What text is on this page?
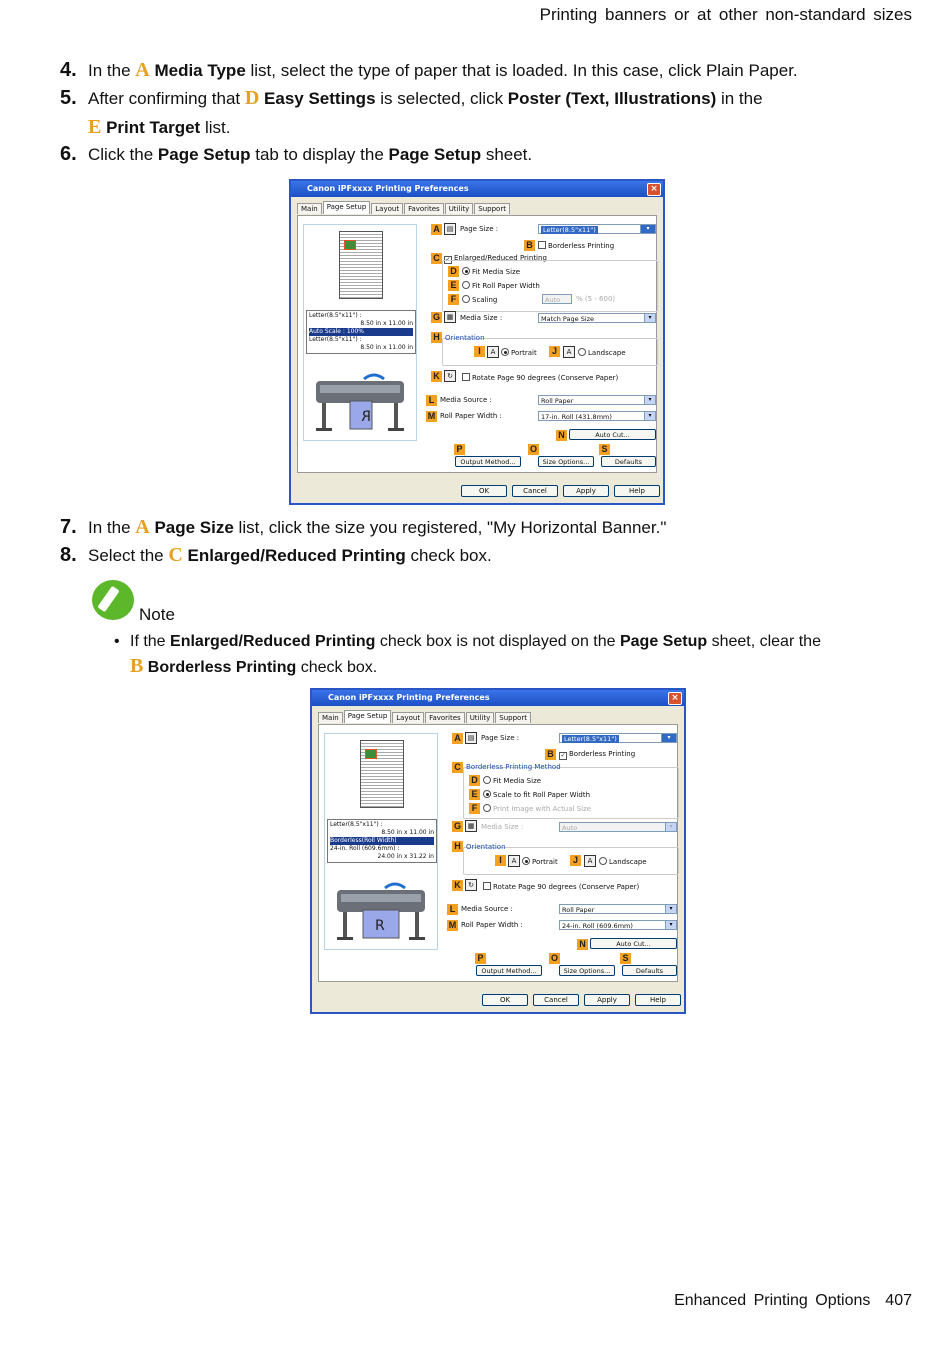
Printing banners or at other non-standard sizes
4. In the A Media Type list, select the type of paper that is loaded. In this case, click Plain Paper.
5. After confirming that D Easy Settings is selected, click Poster (Text, Illustrations) in the
E Print Target list.
6. Click the Page Setup tab to display the Page Setup sheet.
Canon iPFxxxx Printing Preferences	×
Main	Page Setup	Layout	Favorites	Utility	Support
Letter(8.5"x11") :
8.50 in x 11.00 in
Auto Scale : 100%
Letter(8.5"x11") :
8.50 in x 11.00 in
R
A ▤ Page Size :	Letter(8.5"x11")	▾
B	Borderless Printing
C ✓ Enlarged/Reduced Printing
D	Fit Media Size
E	Fit Roll Paper Width
F	Scaling	Auto	% (5 - 600)
G ▦ Media Size :	Match Page Size	▾
H Orientation
I	A	Portrait	J	A	Landscape
K	↻	Rotate Page 90 degrees (Conserve Paper)
L Media Source :	Roll Paper	▾
M Roll Paper Width :	17-in. Roll (431.8mm)	▾
N	Auto Cut...
P	O	S
Output Method...	Size Options...	Defaults
OK	Cancel	Apply	Help
7. In the A Page Size list, click the size you registered, "My Horizontal Banner."
8. Select the C Enlarged/Reduced Printing check box.
Note
• If the Enlarged/Reduced Printing check box is not displayed on the Page Setup sheet, clear the
B Borderless Printing check box.
Canon iPFxxxx Printing Preferences	×
Main	Page Setup	Layout	Favorites	Utility	Support
Letter(8.5"x11") :
8.50 in x 11.00 in
Borderless(Roll Width)
24-in. Roll (609.6mm) :
24.00 in x 31.22 in
R
A ▤ Page Size :	Letter(8.5"x11")	▾
B	✓ Borderless Printing
C Borderless Printing Method
D	Fit Media Size
E	Scale to fit Roll Paper Width
F	Print Image with Actual Size
G ▦ Media Size :	Auto	▾
H Orientation
I	A	Portrait	J	A	Landscape
K	↻	Rotate Page 90 degrees (Conserve Paper)
L Media Source :	Roll Paper	▾
M Roll Paper Width :	24-in. Roll (609.6mm)	▾
N	Auto Cut...
P	O	S
Output Method...	Size Options...	Defaults
OK	Cancel	Apply	Help
Enhanced Printing Options 407
